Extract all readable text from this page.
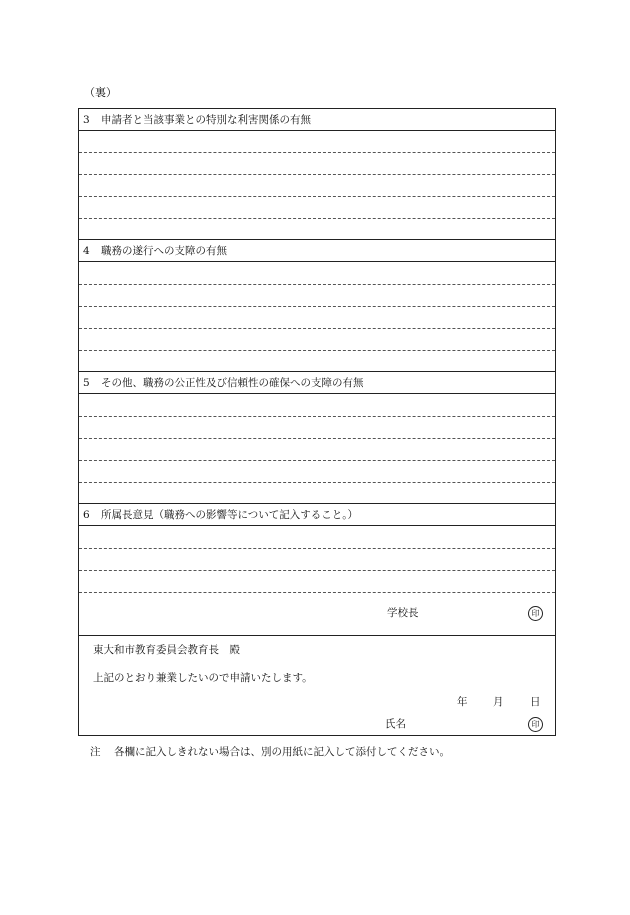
（裏）
3 申請者と当該事業との特別な利害関係の有無
4 職務の遂行への支障の有無
5 その他、職務の公正性及び信頼性の確保への支障の有無
6 所属長意見（職務への影響等について記入すること。）
学校長	印
東大和市教育委員会教育長　殿
上記のとおり兼業したいので申請いたします。
年 月	日
氏名	印
注 各欄に記入しきれない場合は、別の用紙に記入して添付してください。
